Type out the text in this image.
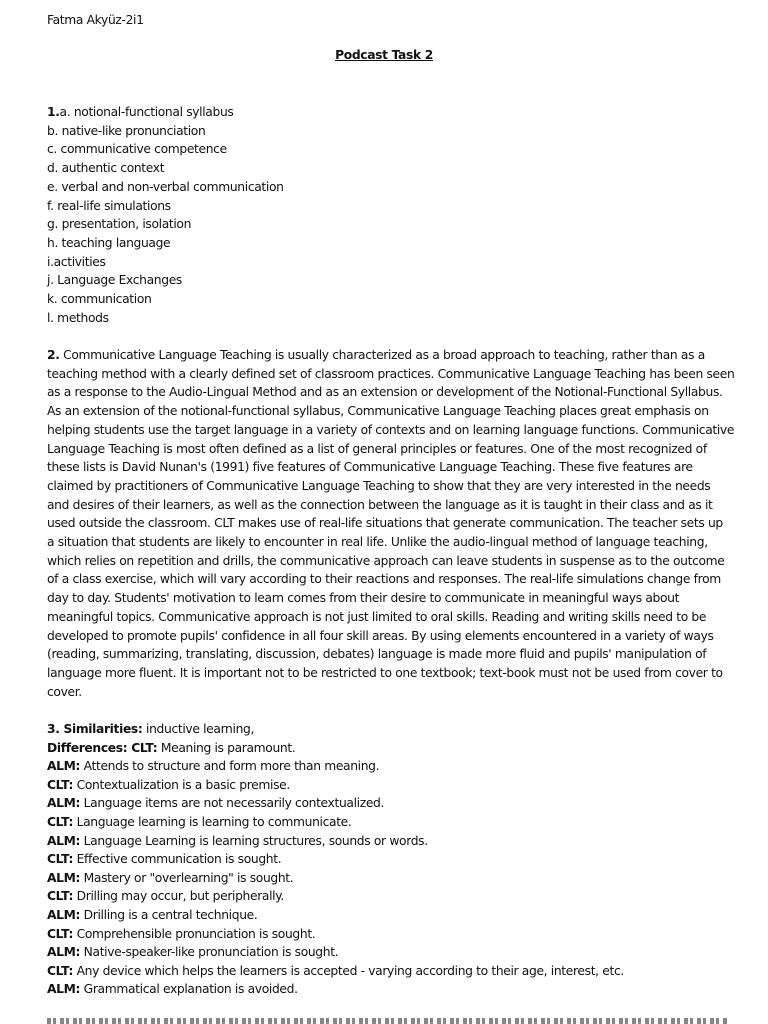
Fatma Akyüz-2i1
Podcast Task 2
1.a. notional-functional syllabus
b. native-like pronunciation
c. communicative competence
d. authentic context
e. verbal and non-verbal communication
f. real-life simulations
g. presentation, isolation
h. teaching language
i.activities
j. Language Exchanges
k. communication
l. methods
2. Communicative Language Teaching is usually characterized as a broad approach to teaching, rather than as a
teaching method with a clearly defined set of classroom practices. Communicative Language Teaching has been seen
as a response to the Audio-Lingual Method and as an extension or development of the Notional-Functional Syllabus.
As an extension of the notional-functional syllabus, Communicative Language Teaching places great emphasis on
helping students use the target language in a variety of contexts and on learning language functions. Communicative
Language Teaching is most often defined as a list of general principles or features. One of the most recognized of
these lists is David Nunan's (1991) five features of Communicative Language Teaching. These five features are
claimed by practitioners of Communicative Language Teaching to show that they are very interested in the needs
and desires of their learners, as well as the connection between the language as it is taught in their class and as it
used outside the classroom. CLT makes use of real-life situations that generate communication. The teacher sets up
a situation that students are likely to encounter in real life. Unlike the audio-lingual method of language teaching,
which relies on repetition and drills, the communicative approach can leave students in suspense as to the outcome
of a class exercise, which will vary according to their reactions and responses. The real-life simulations change from
day to day. Students' motivation to learn comes from their desire to communicate in meaningful ways about
meaningful topics. Communicative approach is not just limited to oral skills. Reading and writing skills need to be
developed to promote pupils' confidence in all four skill areas. By using elements encountered in a variety of ways
(reading, summarizing, translating, discussion, debates) language is made more fluid and pupils' manipulation of
language more fluent. It is important not to be restricted to one textbook; text-book must not be used from cover to
cover.
3. Similarities: inductive learning,
Differences: CLT: Meaning is paramount.
ALM: Attends to structure and form more than meaning.
CLT: Contextualization is a basic premise.
ALM: Language items are not necessarily contextualized.
CLT: Language learning is learning to communicate.
ALM: Language Learning is learning structures, sounds or words.
CLT: Effective communication is sought.
ALM: Mastery or "overlearning" is sought.
CLT: Drilling may occur, but peripherally.
ALM: Drilling is a central technique.
CLT: Comprehensible pronunciation is sought.
ALM: Native-speaker-like pronunciation is sought.
CLT: Any device which helps the learners is accepted - varying according to their age, interest, etc.
ALM: Grammatical explanation is avoided.
